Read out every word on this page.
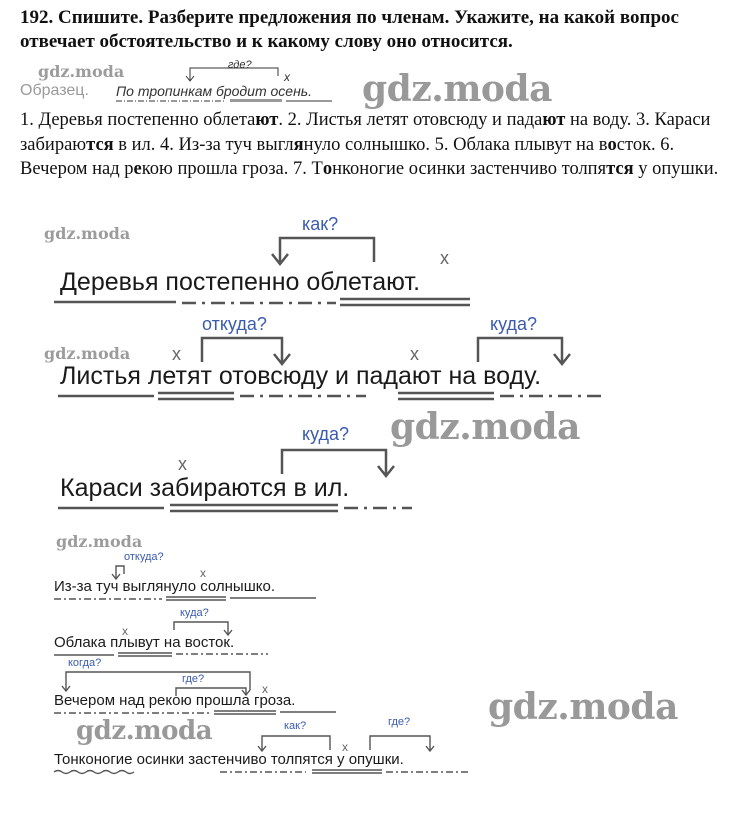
192. Спишите. Разберите предложения по членам. Укажите, на какой вопрос отвечает обстоятельство и к какому слову оно относится.
Образец. По тропинкам бродит осень.
где?
х
1. Деревья постепенно облетают. 2. Листья летят отовсюду и падают на воду. 3. Караси забираются в ил. 4. Из-за туч выглянуло солнышко. 5. Облака плывут на восток. 6. Вечером над рекою прошла гроза. 7. Тонконогие осинки застенчиво толпятся у опушки.
gdz.moda	gdz.moda
gdz.moda
gdz.moda
gdz.moda
gdz.moda
gdz.moda
gdz.moda
как?
х
Деревья постепенно облетают.
откуда?	куда?
х	х
Листья летят отовсюду и падают на воду.
куда?
х
Караси забираются в ил.
откуда?
х
Из-за туч выглянуло солнышко.
куда?
х
Облака плывут на восток.
когда?
где?
х
Вечером над рекою прошла гроза.
как?	где?
х
Тонконогие осинки застенчиво толпятся у опушки.
